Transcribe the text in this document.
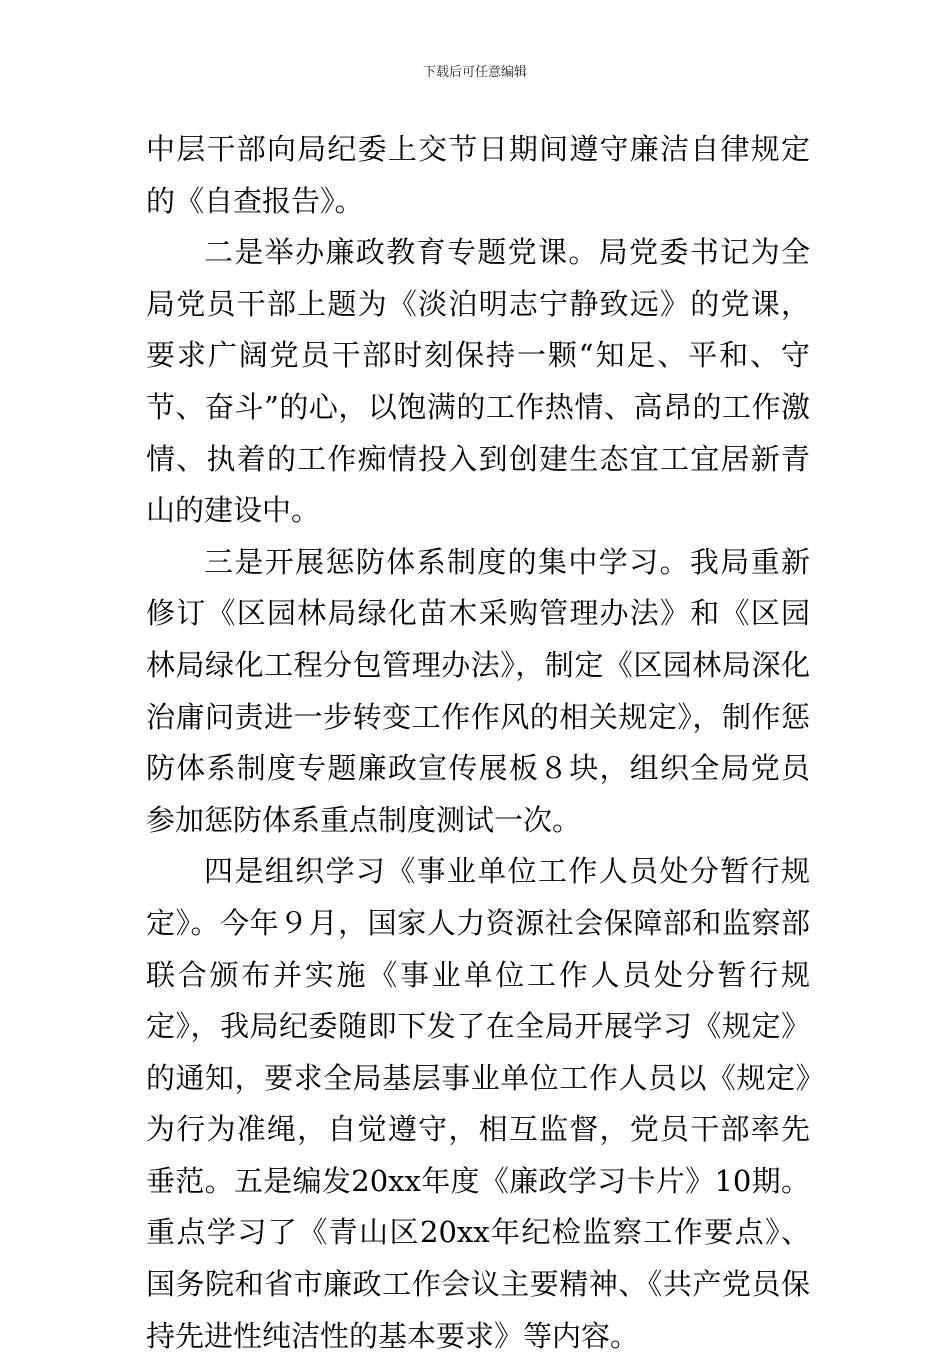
下载后可任意编辑

中层干部向局纪委上交节日期间遵守廉洁自律规定的《自查报告》。

二是举办廉政教育专题党课。局党委书记为全局党员干部上题为《淡泊明志宁静致远》的党课，要求广阔党员干部时刻保持一颗“知足、平和、守节、奋斗”的心，以饱满的工作热情、高昂的工作激情、执着的工作痴情投入到创建生态宜工宜居新青山的建设中。

三是开展惩防体系制度的集中学习。我局重新修订《区园林局绿化苗木采购管理办法》和《区园林局绿化工程分包管理办法》，制定《区园林局深化治庸问责进一步转变工作作风的相关规定》，制作惩防体系制度专题廉政宣传展板８块，组织全局党员参加惩防体系重点制度测试一次。

四是组织学习《事业单位工作人员处分暂行规定》。今年９月，国家人力资源社会保障部和监察部联合颁布并实施《事业单位工作人员处分暂行规定》，我局纪委随即下发了在全局开展学习《规定》的通知，要求全局基层事业单位工作人员以《规定》为行为准绳，自觉遵守，相互监督，党员干部率先垂范。五是编发20xx年度《廉政学习卡片》10期。重点学习了《青山区20xx年纪检监察工作要点》、国务院和省市廉政工作会议主要精神、《共产党员保持先进性纯洁性的基本要求》等内容。
